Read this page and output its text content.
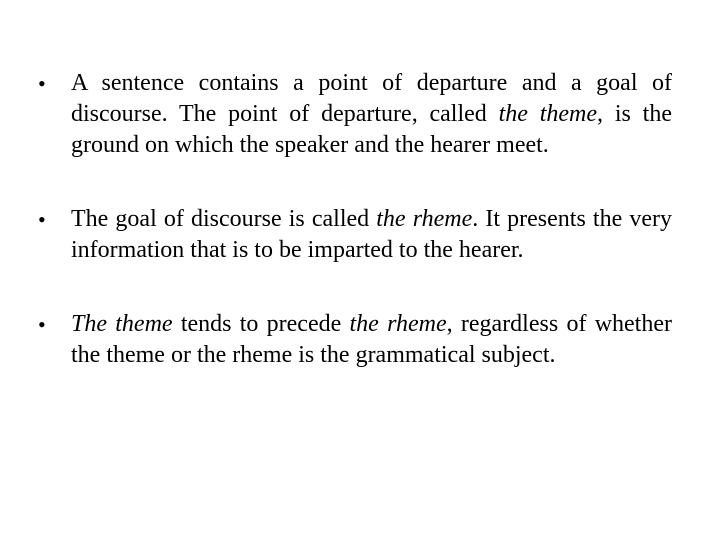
•	A sentence contains a point of departure and a goal of discourse. The point of departure, called the theme, is the ground on which the speaker and the hearer meet.
•	The goal of discourse is called the rheme. It presents the very information that is to be imparted to the hearer.
•	The theme tends to precede the rheme, regardless of whether the theme or the rheme is the grammatical subject.
